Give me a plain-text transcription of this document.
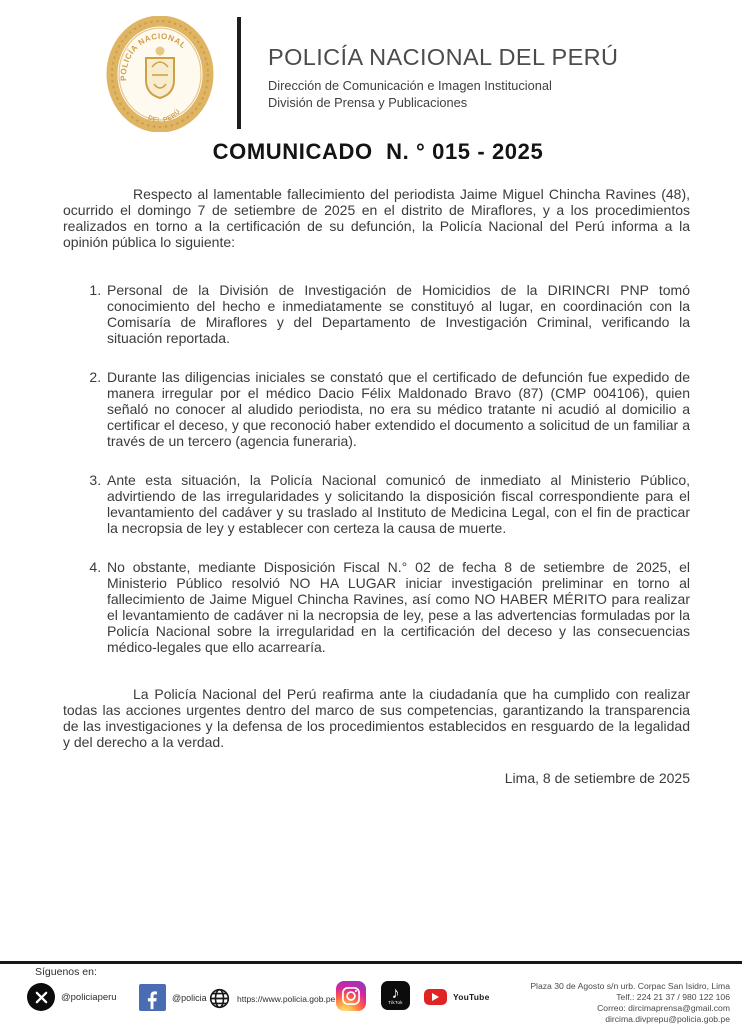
POLICÍA NACIONAL
DEL PERÚ
POLICÍA NACIONAL DEL PERÚ
Dirección de Comunicación e Imagen Institucional
División de Prensa y Publicaciones
COMUNICADO  N. ° 015 - 2025

Respecto al lamentable fallecimiento del periodista Jaime Miguel Chincha Ravines (48), ocurrido el domingo 7 de setiembre de 2025 en el distrito de Miraflores, y a los procedimientos realizados en torno a la certificación de su defunción, la Policía Nacional del Perú informa a la opinión pública lo siguiente:

1. Personal de la División de Investigación de Homicidios de la DIRINCRI PNP tomó conocimiento del hecho e inmediatamente se constituyó al lugar, en coordinación con la Comisaría de Miraflores y del Departamento de Investigación Criminal, verificando la situación reportada.
2. Durante las diligencias iniciales se constató que el certificado de defunción fue expedido de manera irregular por el médico Dacio Félix Maldonado Bravo (87) (CMP 004106), quien señaló no conocer al aludido periodista, no era su médico tratante ni acudió al domicilio a certificar el deceso, y que reconoció haber extendido el documento a solicitud de un familiar a través de un tercero (agencia funeraria).
3. Ante esta situación, la Policía Nacional comunicó de inmediato al Ministerio Público, advirtiendo de las irregularidades y solicitando la disposición fiscal correspondiente para el levantamiento del cadáver y su traslado al Instituto de Medicina Legal, con el fin de practicar la necropsia de ley y establecer con certeza la causa de muerte.
4. No obstante, mediante Disposición Fiscal N.° 02 de fecha 8 de setiembre de 2025, el Ministerio Público resolvió NO HA LUGAR iniciar investigación preliminar en torno al fallecimiento de Jaime Miguel Chincha Ravines, así como NO HABER MÉRITO para realizar el levantamiento de cadáver ni la necropsia de ley, pese a las advertencias formuladas por la Policía Nacional sobre la irregularidad en la certificación del deceso y las consecuencias médico-legales que ello acarrearía.

La Policía Nacional del Perú reafirma ante la ciudadanía que ha cumplido con realizar todas las acciones urgentes dentro del marco de sus competencias, garantizando la transparencia de las investigaciones y la defensa de los procedimientos establecidos en resguardo de la legalidad y del derecho a la verdad.

Lima, 8 de setiembre de 2025

Síguenos en:
@policiaperu	@policia	https://www.policia.gob.pe	♪
TikTok
YouTube
Plaza 30 de Agosto s/n urb. Corpac San Isidro, Lima
Telf.: 224 21 37 / 980 122 106
Correo: dircimaprensa@gmail.com
dircima.divprepu@policia.gob.pe
